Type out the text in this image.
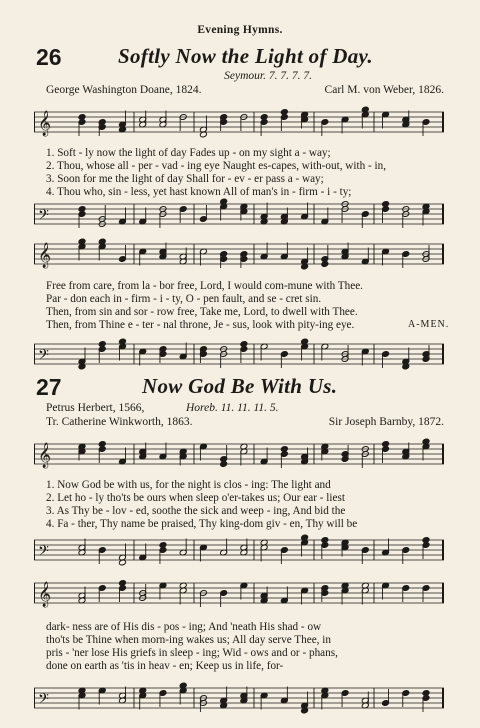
Evening Hymns.
26	Softly Now the Light of Day.
Seymour. 7. 7. 7. 7.
George Washington Doane, 1824.	Carl M. von Weber, 1826.
𝄞
1. Soft - ly now the light of day Fades up - on my sight a - way;
2. Thou, whose all - per - vad - ing eye Naught es-capes, with-out, with - in,
3. Soon for me the light of day Shall for - ev - er pass a - way;
4. Thou who, sin - less, yet hast known All of man's in - firm - i - ty;
𝄢
𝄞
Free from care, from la - bor free, Lord, I would com-mune with Thee.
Par - don each in - firm - i - ty, O - pen fault, and se - cret sin.
Then, from sin and sor - row free, Take me, Lord, to dwell with Thee.
Then, from Thine e - ter - nal throne, Je - sus, look with pity-ing eye.	A-MEN.
𝄢
27	Now God Be With Us.
Petrus Herbert, 1566,	Horeb. 11. 11. 11. 5.
Tr. Catherine Winkworth, 1863.	Sir Joseph Barnby, 1872.
𝄞
1. Now God be with us, for the night is clos - ing: The light and
2. Let ho - ly tho'ts be ours when sleep o'er-takes us; Our ear - liest
3. As Thy be - lov - ed, soothe the sick and weep - ing, And bid the
4. Fa - ther, Thy name be praised, Thy king-dom giv - en, Thy will be
𝄢
𝄞
dark- ness are of His dis - pos - ing; And 'neath His shad - ow
tho'ts be Thine when morn-ing wakes us; All day serve Thee, in
pris - 'ner lose His griefs in sleep - ing; Wid - ows and or - phans,
done on earth as 'tis in heav - en; Keep us in life, for-
𝄢
